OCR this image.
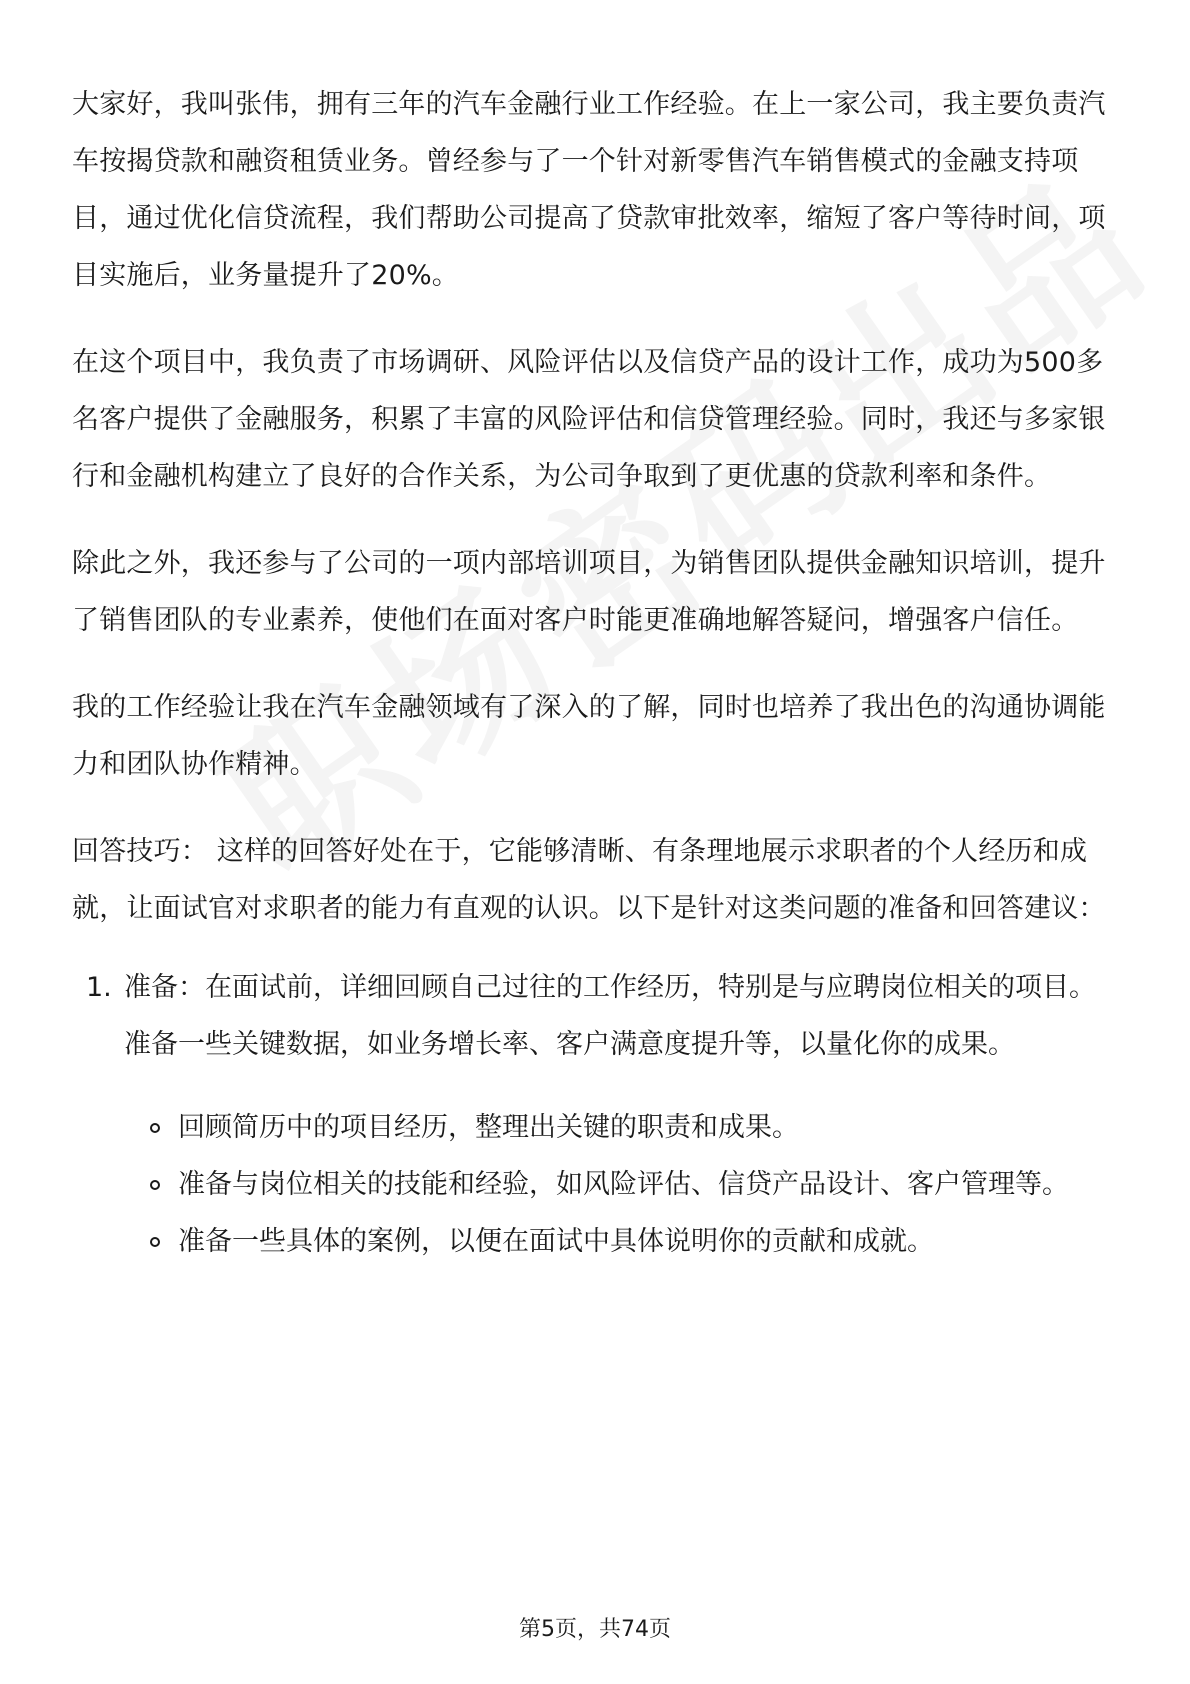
大家好，我叫张伟，拥有三年的汽车金融行业工作经验。在上一家公司，我主要负责汽车按揭贷款和融资租赁业务。曾经参与了一个针对新零售汽车销售模式的金融支持项目，通过优化信贷流程，我们帮助公司提高了贷款审批效率，缩短了客户等待时间，项目实施后，业务量提升了20%。

在这个项目中，我负责了市场调研、风险评估以及信贷产品的设计工作，成功为500多名客户提供了金融服务，积累了丰富的风险评估和信贷管理经验。同时，我还与多家银行和金融机构建立了良好的合作关系，为公司争取到了更优惠的贷款利率和条件。

除此之外，我还参与了公司的一项内部培训项目，为销售团队提供金融知识培训，提升了销售团队的专业素养，使他们在面对客户时能更准确地解答疑问，增强客户信任。

我的工作经验让我在汽车金融领域有了深入的了解，同时也培养了我出色的沟通协调能力和团队协作精神。

回答技巧： 这样的回答好处在于，它能够清晰、有条理地展示求职者的个人经历和成就，让面试官对求职者的能力有直观的认识。以下是针对这类问题的准备和回答建议：

1. 准备：在面试前，详细回顾自己过往的工作经历，特别是与应聘岗位相关的项目。准备一些关键数据，如业务增长率、客户满意度提升等，以量化你的成果。
回顾简历中的项目经历，整理出关键的职责和成果。
准备与岗位相关的技能和经验，如风险评估、信贷产品设计、客户管理等。
准备一些具体的案例，以便在面试中具体说明你的贡献和成就。
第5页，共74页
